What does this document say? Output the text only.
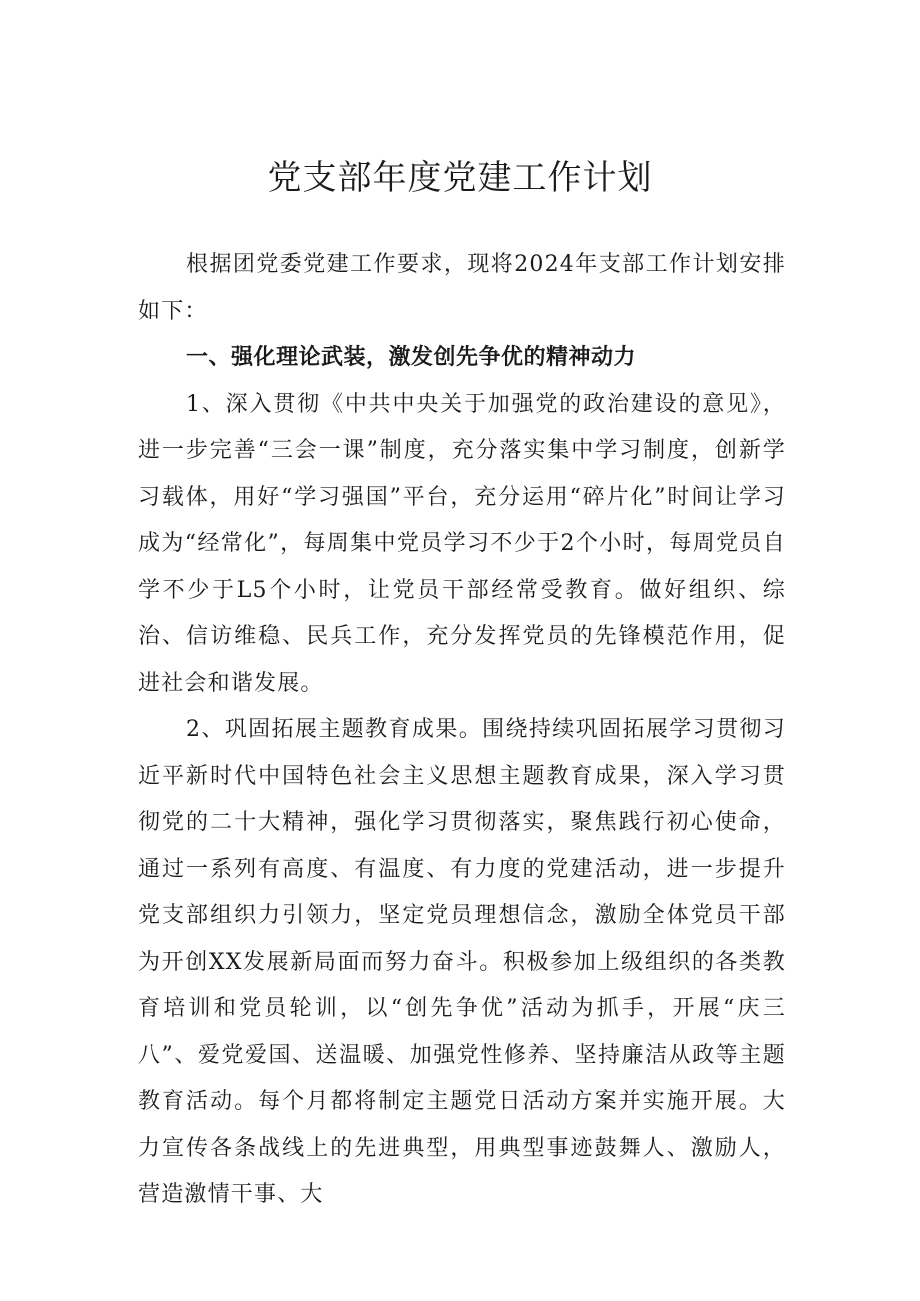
党支部年度党建工作计划

根据团党委党建工作要求，现将2024年支部工作计划安排如下：

一、强化理论武装，激发创先争优的精神动力

1、深入贯彻《中共中央关于加强党的政治建设的意见》，进一步完善“三会一课”制度，充分落实集中学习制度，创新学习载体，用好“学习强国”平台，充分运用“碎片化”时间让学习成为“经常化”，每周集中党员学习不少于2个小时，每周党员自学不少于L5个小时，让党员干部经常受教育。做好组织、综治、信访维稳、民兵工作，充分发挥党员的先锋模范作用，促进社会和谐发展。

2、巩固拓展主题教育成果。围绕持续巩固拓展学习贯彻习近平新时代中国特色社会主义思想主题教育成果，深入学习贯彻党的二十大精神，强化学习贯彻落实，聚焦践行初心使命，通过一系列有高度、有温度、有力度的党建活动，进一步提升党支部组织力引领力，坚定党员理想信念，激励全体党员干部为开创XX发展新局面而努力奋斗。积极参加上级组织的各类教育培训和党员轮训，以“创先争优”活动为抓手，开展“庆三八”、爱党爱国、送温暖、加强党性修养、坚持廉洁从政等主题教育活动。每个月都将制定主题党日活动方案并实施开展。大力宣传各条战线上的先进典型，用典型事迹鼓舞人、激励人，营造激情干事、大
